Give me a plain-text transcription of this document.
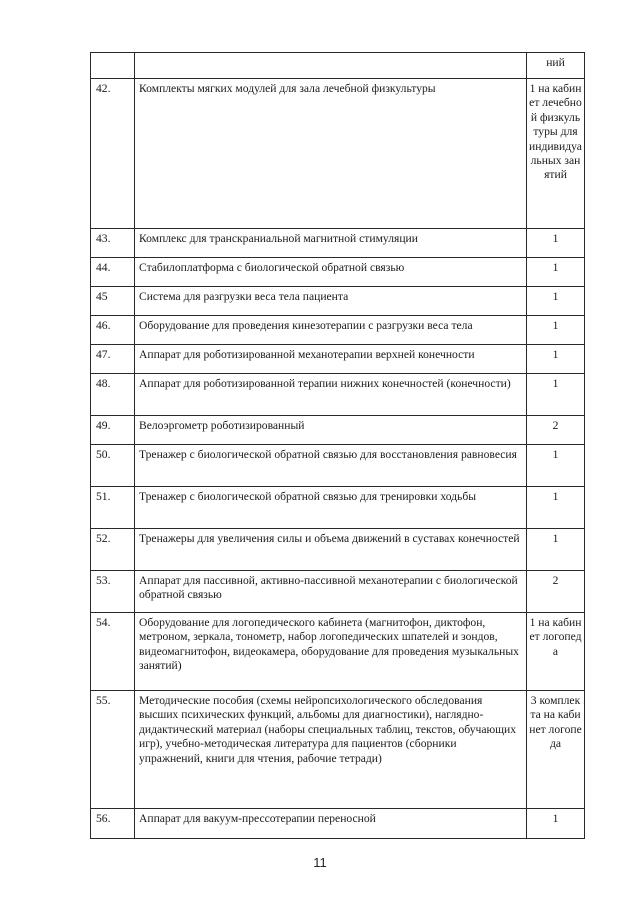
		ний
42.	Комплекты мягких модулей для зала лечебной физкультуры	1 на кабинет лечебной физкультуры для индивидуальных занятий
43.	Комплекс для транскраниальной магнитной стимуляции	1
44.	Стабилоплатформа с биологической обратной связью	1
45	Система для разгрузки веса тела пациента	1
46.	Оборудование для проведения кинезотерапии с разгрузки веса тела	1
47.	Аппарат для роботизированной механотерапии верхней конечности	1
48.	Аппарат для роботизированной терапии нижних конечностей (конечности)	1
49.	Велоэргометр роботизированный	2
50.	Тренажер с биологической обратной связью для восстановления равновесия	1
51.	Тренажер с биологической обратной связью для тренировки ходьбы	1
52.	Тренажеры для увеличения силы и объема движений в суставах конечностей	1
53.	Аппарат для пассивной, активно-пассивной механотерапии с биологической обратной связью	2
54.	Оборудование для логопедического кабинета (магнитофон, диктофон, метроном, зеркала, тонометр, набор логопедических шпателей и зондов, видеомагнитофон, видеокамера, оборудование для проведения музыкальных занятий)	1 на кабинет логопеда
55.	Методические пособия (схемы нейропсихологического обследования высших психических функций, альбомы для диагностики), наглядно-дидактический материал (наборы специальных таблиц, текстов, обучающих игр), учебно-методическая литература для пациентов (сборники упражнений, книги для чтения, рабочие тетради)	3 комплекта на кабинет логопеда
56.	Аппарат для вакуум-прессотерапии переносной	1
11
